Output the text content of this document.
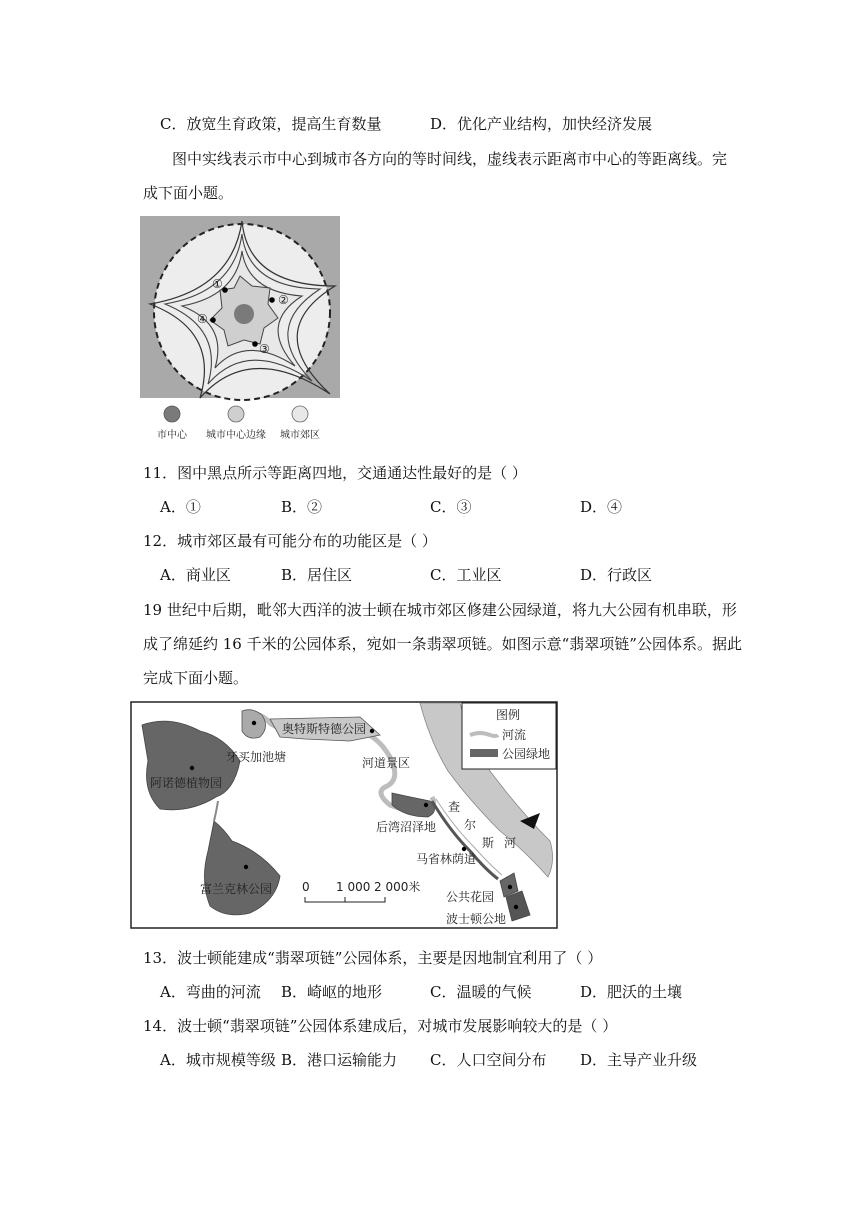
C．放宽生育政策，提高生育数量	D．优化产业结构，加快经济发展
图中实线表示市中心到城市各方向的等时间线，虚线表示距离市中心的等距离线。完
成下面小题。
①
②
③
④
市中心 城市中心边缘 城市郊区
11．图中黑点所示等距离四地，交通通达性最好的是（ ）
A．①	B．②	C．③	D．④
12．城市郊区最有可能分布的功能区是（ ）
A．商业区	B．居住区	C．工业区	D．行政区
19 世纪中后期，毗邻大西洋的波士顿在城市郊区修建公园绿道，将九大公园有机串联，形
成了绵延约 16 千米的公园体系，宛如一条翡翠项链。如图示意“翡翠项链”公园体系。据此
完成下面小题。
奥特斯特德公园
牙买加池塘
阿诺德植物园
河道景区
后湾沼泽地
马省林荫道
富兰克林公园
公共花园
波士顿公地
查
尔
斯 河
0 1 000 2 000米
图例
河流
公园绿地
13．波士顿能建成“翡翠项链”公园体系，主要是因地制宜利用了（ ）
A．弯曲的河流 B．崎岖的地形	C．温暖的气候	D．肥沃的土壤
14．波士顿“翡翠项链”公园体系建成后，对城市发展影响较大的是（ ）
A．城市规模等级 B．港口运输能力 C．人口空间分布 D．主导产业升级
